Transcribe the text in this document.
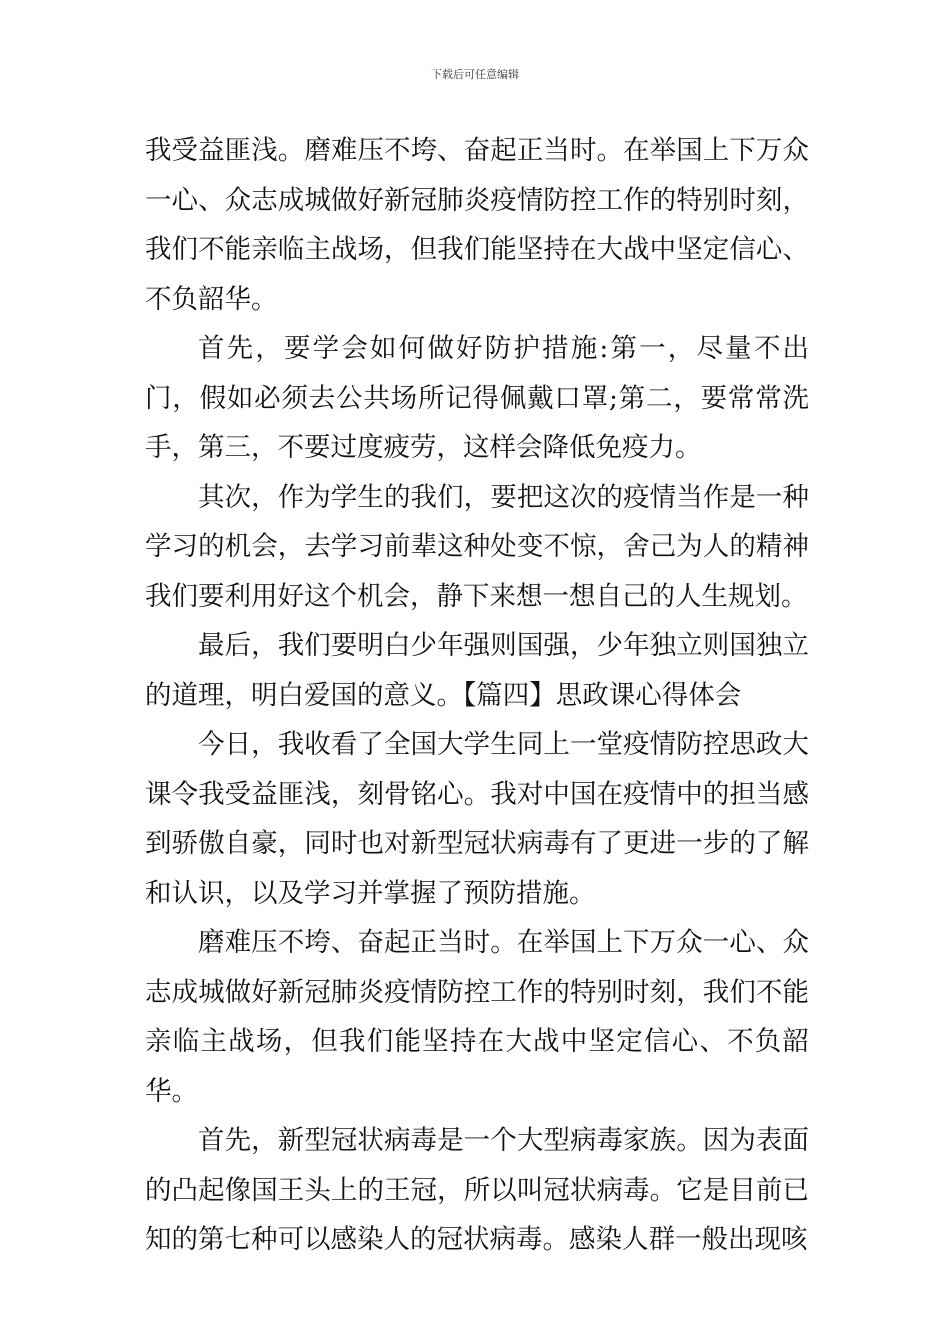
下载后可任意编辑

我受益匪浅。磨难压不垮、奋起正当时。在举国上下万众一心、众志成城做好新冠肺炎疫情防控工作的特别时刻，我们不能亲临主战场，但我们能坚持在大战中坚定信心、不负韶华。

首先，要学会如何做好防护措施:第一，尽量不出门，假如必须去公共场所记得佩戴口罩;第二，要常常洗手，第三，不要过度疲劳，这样会降低免疫力。

其次，作为学生的我们，要把这次的疫情当作是一种学习的机会，去学习前辈这种处变不惊，舍己为人的精神我们要利用好这个机会，静下来想一想自己的人生规划。

最后，我们要明白少年强则国强，少年独立则国独立的道理，明白爱国的意义。【篇四】思政课心得体会

今日，我收看了全国大学生同上一堂疫情防控思政大课令我受益匪浅，刻骨铭心。我对中国在疫情中的担当感到骄傲自豪，同时也对新型冠状病毒有了更进一步的了解和认识，以及学习并掌握了预防措施。

磨难压不垮、奋起正当时。在举国上下万众一心、众志成城做好新冠肺炎疫情防控工作的特别时刻，我们不能亲临主战场，但我们能坚持在大战中坚定信心、不负韶华。

首先，新型冠状病毒是一个大型病毒家族。因为表面的凸起像国王头上的王冠，所以叫冠状病毒。它是目前已知的第七种可以感染人的冠状病毒。感染人群一般出现咳
